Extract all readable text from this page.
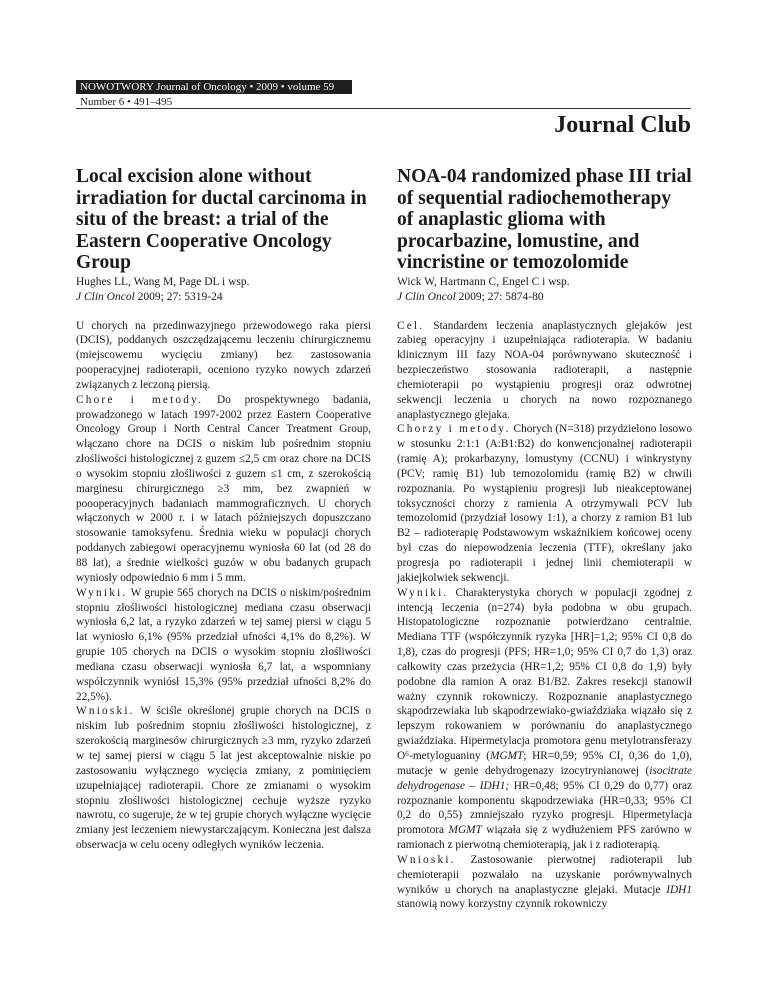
NOWOTWORY Journal of Oncology • 2009 • volume 59
Number 6 • 491–495
Journal Club
Local excision alone without irradiation for ductal carcinoma in situ of the breast: a trial of the Eastern Cooperative Oncology Group
Hughes LL, Wang M, Page DL i wsp.
J Clin Oncol 2009; 27: 5319-24

U chorych na przedinwazyjnego przewodowego raka piersi (DCIS), poddanych oszczędzającemu leczeniu chirurgicznemu (miejscowemu wycięciu zmiany) bez zastosowania pooperacyjnej radioterapii, oceniono ryzyko nowych zdarzeń związanych z leczoną piersią.

Chore i metody. Do prospektywnego badania, prowadzonego w latach 1997-2002 przez Eastern Cooperative Oncology Group i North Central Cancer Treatment Group, włączano chore na DCIS o niskim lub pośrednim stopniu złośliwości histologicznej z guzem ≤2,5 cm oraz chore na DCIS o wysokim stopniu złośliwości z guzem ≤1 cm, z szerokością marginesu chirurgicznego ≥3 mm, bez zwapnień w poooperacyjnych badaniach mammograficznych. U chorych włączonych w 2000 r. i w latach późniejszych dopuszczano stosowanie tamoksyfenu. Średnia wieku w populacji chorych poddanych zabiegowi operacyjnemu wyniosła 60 lat (od 28 do 88 lat), a średnie wielkości guzów w obu badanych grupach wyniosły odpowiednio 6 mm i 5 mm.

Wyniki. W grupie 565 chorych na DCIS o niskim/pośrednim stopniu złośliwości histologicznej mediana czasu obserwacji wyniosła 6,2 lat, a ryzyko zdarzeń w tej samej piersi w ciągu 5 lat wyniosło 6,1% (95% przedział ufności 4,1% do 8,2%). W grupie 105 chorych na DCIS o wysokim stopniu złośliwości mediana czasu obserwacji wyniosła 6,7 lat, a wspomniany współczynnik wyniósł 15,3% (95% przedział ufności 8,2% do 22,5%).

Wnioski. W ściśle określonej grupie chorych na DCIS o niskim lub pośrednim stopniu złośliwości histologicznej, z szerokością marginesów chirurgicznych ≥3 mm, ryzyko zdarzeń w tej samej piersi w ciągu 5 lat jest akceptowalnie niskie po zastosowaniu wyłącznego wycięcia zmiany, z pominięciem uzupełniającej radioterapii. Chore ze zmianami o wysokim stopniu złośliwości histologicznej cechuje wyższe ryzyko nawrotu, co sugeruje, że w tej grupie chorych wyłączne wycięcie zmiany jest leczeniem niewystarczającym. Konieczna jest dalsza obserwacja w celu oceny odległych wyników leczenia.

NOA-04 randomized phase III trial of sequential radiochemotherapy of anaplastic glioma with procarbazine, lomustine, and vincristine or temozolomide
Wick W, Hartmann C, Engel C i wsp.
J Clin Oncol 2009; 27: 5874-80

Cel. Standardem leczenia anaplastycznych glejaków jest zabieg operacyjny i uzupełniająca radioterapia. W badaniu klinicznym III fazy NOA-04 porównywano skuteczność i bezpieczeństwo stosowania radioterapii, a następnie chemioterapii po wystąpieniu progresji oraz odwrotnej sekwencji leczenia u chorych na nowo rozpoznanego anaplastycznego glejaka.

Chorzy i metody. Chorych (N=318) przydzielono losowo w stosunku 2:1:1 (A:B1:B2) do konwencjonalnej radioterapii (ramię A); prokarbazyny, lomustyny (CCNU) i winkrystyny (PCV; ramię B1) lub temozolomidu (ramię B2) w chwili rozpoznania. Po wystąpieniu progresji lub nieakceptowanej toksyczności chorzy z ramienia A otrzymywali PCV lub temozolomid (przydział losowy 1:1), a chorzy z ramion B1 lub B2 – radioterapię Podstawowym wskaźnikiem końcowej oceny był czas do niepowodzenia leczenia (TTF), określany jako progresja po radioterapii i jednej linii chemioterapii w jakiejkolwiek sekwencji.

Wyniki. Charakterystyka chorych w populacji zgodnej z intencją leczenia (n=274) była podobna w obu grupach. Histopatologiczne rozpoznanie potwierdzano centralnie. Mediana TTF (współczynnik ryzyka [HR]=1,2; 95% CI 0,8 do 1,8), czas do progresji (PFS; HR=1,0; 95% CI 0,7 do 1,3) oraz całkowity czas przeżycia (HR=1,2; 95% CI 0,8 do 1,9) były podobne dla ramion A oraz B1/B2. Zakres resekcji stanowił ważny czynnik rokowniczy. Rozpoznanie anaplastycznego skąpodrzewiaka lub skąpodrzewiako-gwiaździaka wiązało się z lepszym rokowaniem w porównaniu do anaplastycznego gwiaździaka. Hipermetylacja promotora genu metylotransferazy O⁶-metyloguaniny (MGMT; HR=0,59; 95% CI, 0,36 do 1,0), mutacje w genie dehydrogenazy izocytrynianowej (isocitrate dehydrogenase – IDH1; HR=0,48; 95% CI 0,29 do 0,77) oraz rozpoznanie komponentu skąpodrzewiaka (HR=0,33; 95% CI 0,2 do 0,55) zmniejszało ryzyko progresji. Hipermetylacja promotora MGMT wiązała się z wydłużeniem PFS zarówno w ramionach z pierwotną chemioterapią, jak i z radioterapią.

Wnioski. Zastosowanie pierwotnej radioterapii lub chemioterapii pozwalało na uzyskanie porównywalnych wyników u chorych na anaplastyczne glejaki. Mutacje IDH1 stanowią nowy korzystny czynnik rokowniczy
